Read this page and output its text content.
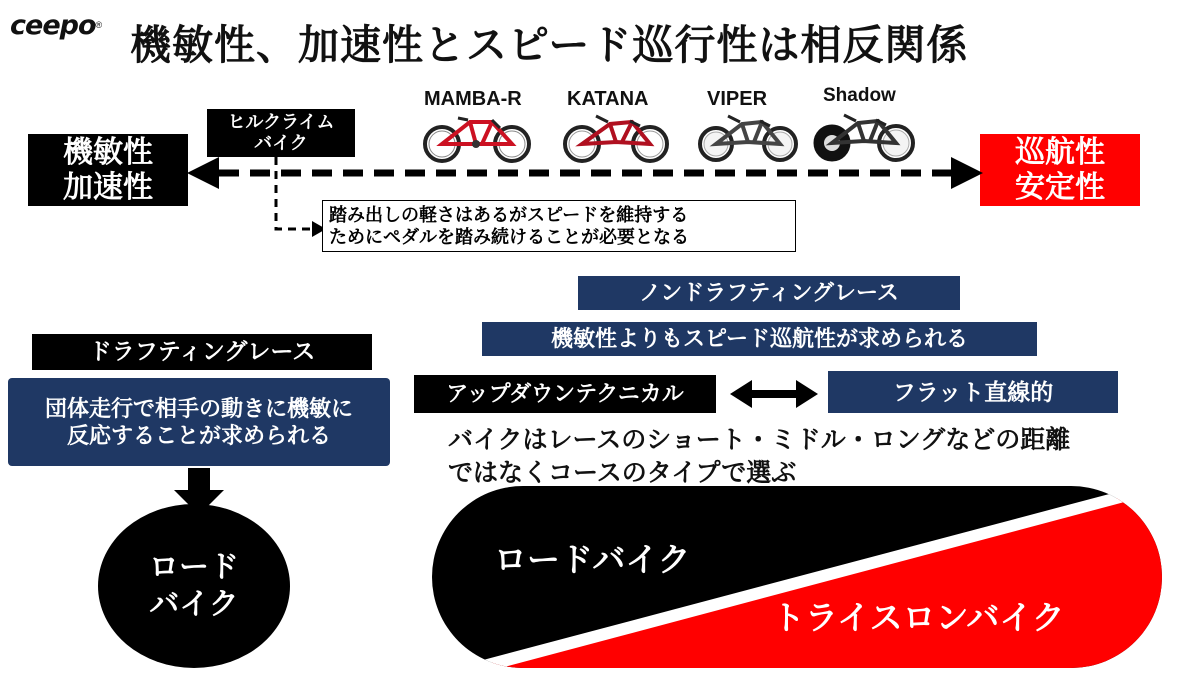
ceepo ® 機敏性、加速性とスピード巡行性は相反関係
MAMBA-R KATANA	VIPER	Shadow
ヒルクライム
バイク
機敏性
加速性
巡航性
安定性
踏み出しの軽さはあるがスピードを維持する
ためにペダルを踏み続けることが必要となる
ノンドラフティングレース
機敏性よりもスピード巡航性が求められる
ドラフティングレース
団体走行で相手の動きに機敏に
反応することが求められる
アップダウンテクニカル	フラット直線的
バイクはレースのショート・ミドル・ロングなどの距離
ではなくコースのタイプで選ぶ
ロード
バイク
ロードバイク
トライスロンバイク
